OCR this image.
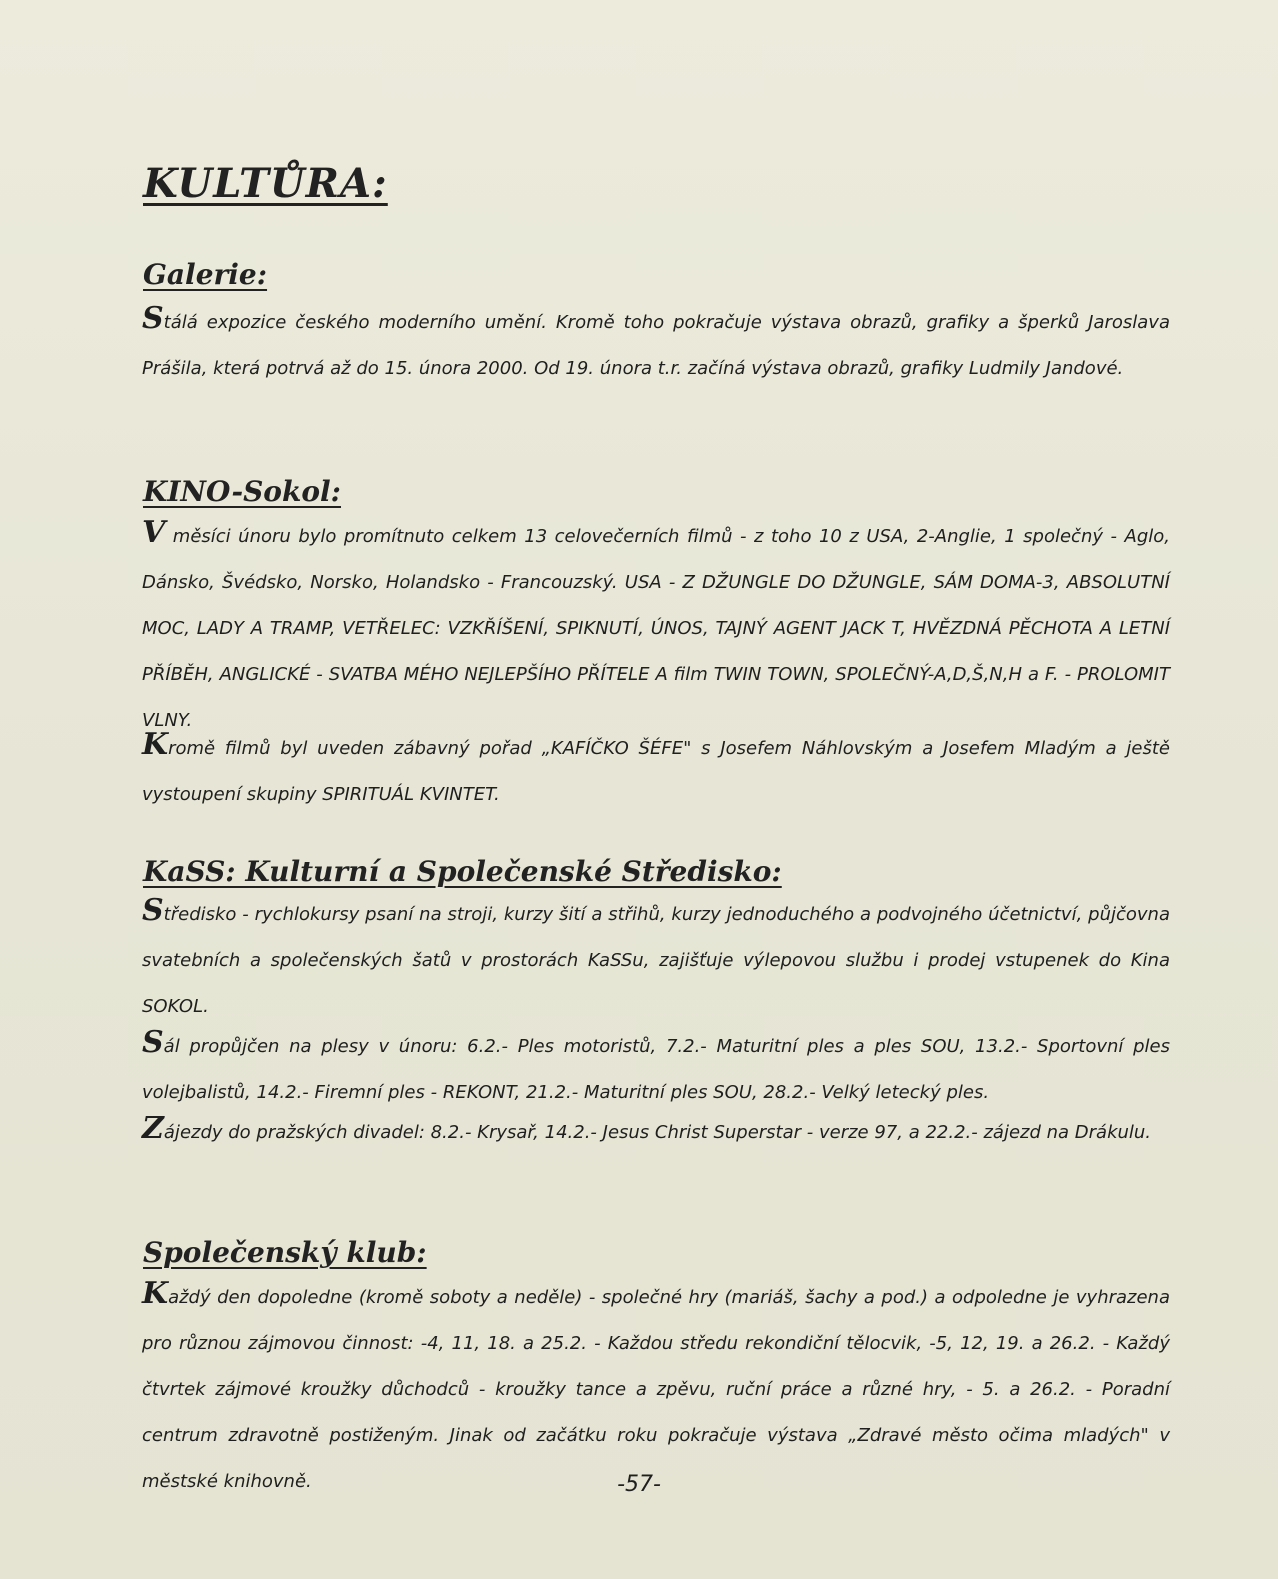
KULTŮRA:
Galerie:
Stálá expozice českého moderního umění. Kromě toho pokračuje výstava obrazů, grafiky a šperků Jaroslava Prášila, která potrvá až do 15. února 2000. Od 19. února t.r. začíná výstava obrazů, grafiky Ludmily Jandové.
KINO-Sokol:
V měsíci únoru bylo promítnuto celkem 13 celovečerních filmů - z toho 10 z USA, 2-Anglie, 1 společný - Aglo, Dánsko, Švédsko, Norsko, Holandsko - Francouzský. USA - Z DŽUNGLE DO DŽUNGLE, SÁM DOMA-3, ABSOLUTNÍ MOC, LADY A TRAMP, VETŘELEC: VZKŘÍŠENÍ, SPIKNUTÍ, ÚNOS, TAJNÝ AGENT JACK T, HVĚZDNÁ PĚCHOTA A LETNÍ PŘÍBĚH, ANGLICKÉ - SVATBA MÉHO NEJLEPŠÍHO PŘÍTELE A film TWIN TOWN, SPOLEČNÝ-A,D,Š,N,H a F. - PROLOMIT VLNY.
Kromě filmů byl uveden zábavný pořad „KAFÍČKO ŠÉFE" s Josefem Náhlovským a Josefem Mladým a ještě vystoupení skupiny SPIRITUÁL KVINTET.
KaSS: Kulturní a Společenské Středisko:
Středisko - rychlokursy psaní na stroji, kurzy šití a střihů, kurzy jednoduchého a podvojného účetnictví, půjčovna svatebních a společenských šatů v prostorách KaSSu, zajišťuje výlepovou službu i prodej vstupenek do Kina SOKOL.
Sál propůjčen na plesy v únoru: 6.2.- Ples motoristů, 7.2.- Maturitní ples a ples SOU, 13.2.- Sportovní ples volejbalistů, 14.2.- Firemní ples - REKONT, 21.2.- Maturitní ples SOU, 28.2.- Velký letecký ples.
Zájezdy do pražských divadel: 8.2.- Krysař, 14.2.- Jesus Christ Superstar - verze 97, a 22.2.- zájezd na Drákulu.
Společenský klub:
Každý den dopoledne (kromě soboty a neděle) - společné hry (mariáš, šachy a pod.) a odpoledne je vyhrazena pro různou zájmovou činnost: -4, 11, 18. a 25.2. - Každou středu rekondiční tělocvik, -5, 12, 19. a 26.2. - Každý čtvrtek zájmové kroužky důchodců - kroužky tance a zpěvu, ruční práce a různé hry, - 5. a 26.2. - Poradní centrum zdravotně postiženým. Jinak od začátku roku pokračuje výstava „Zdravé město očima mladých" v městské knihovně.	-57-
